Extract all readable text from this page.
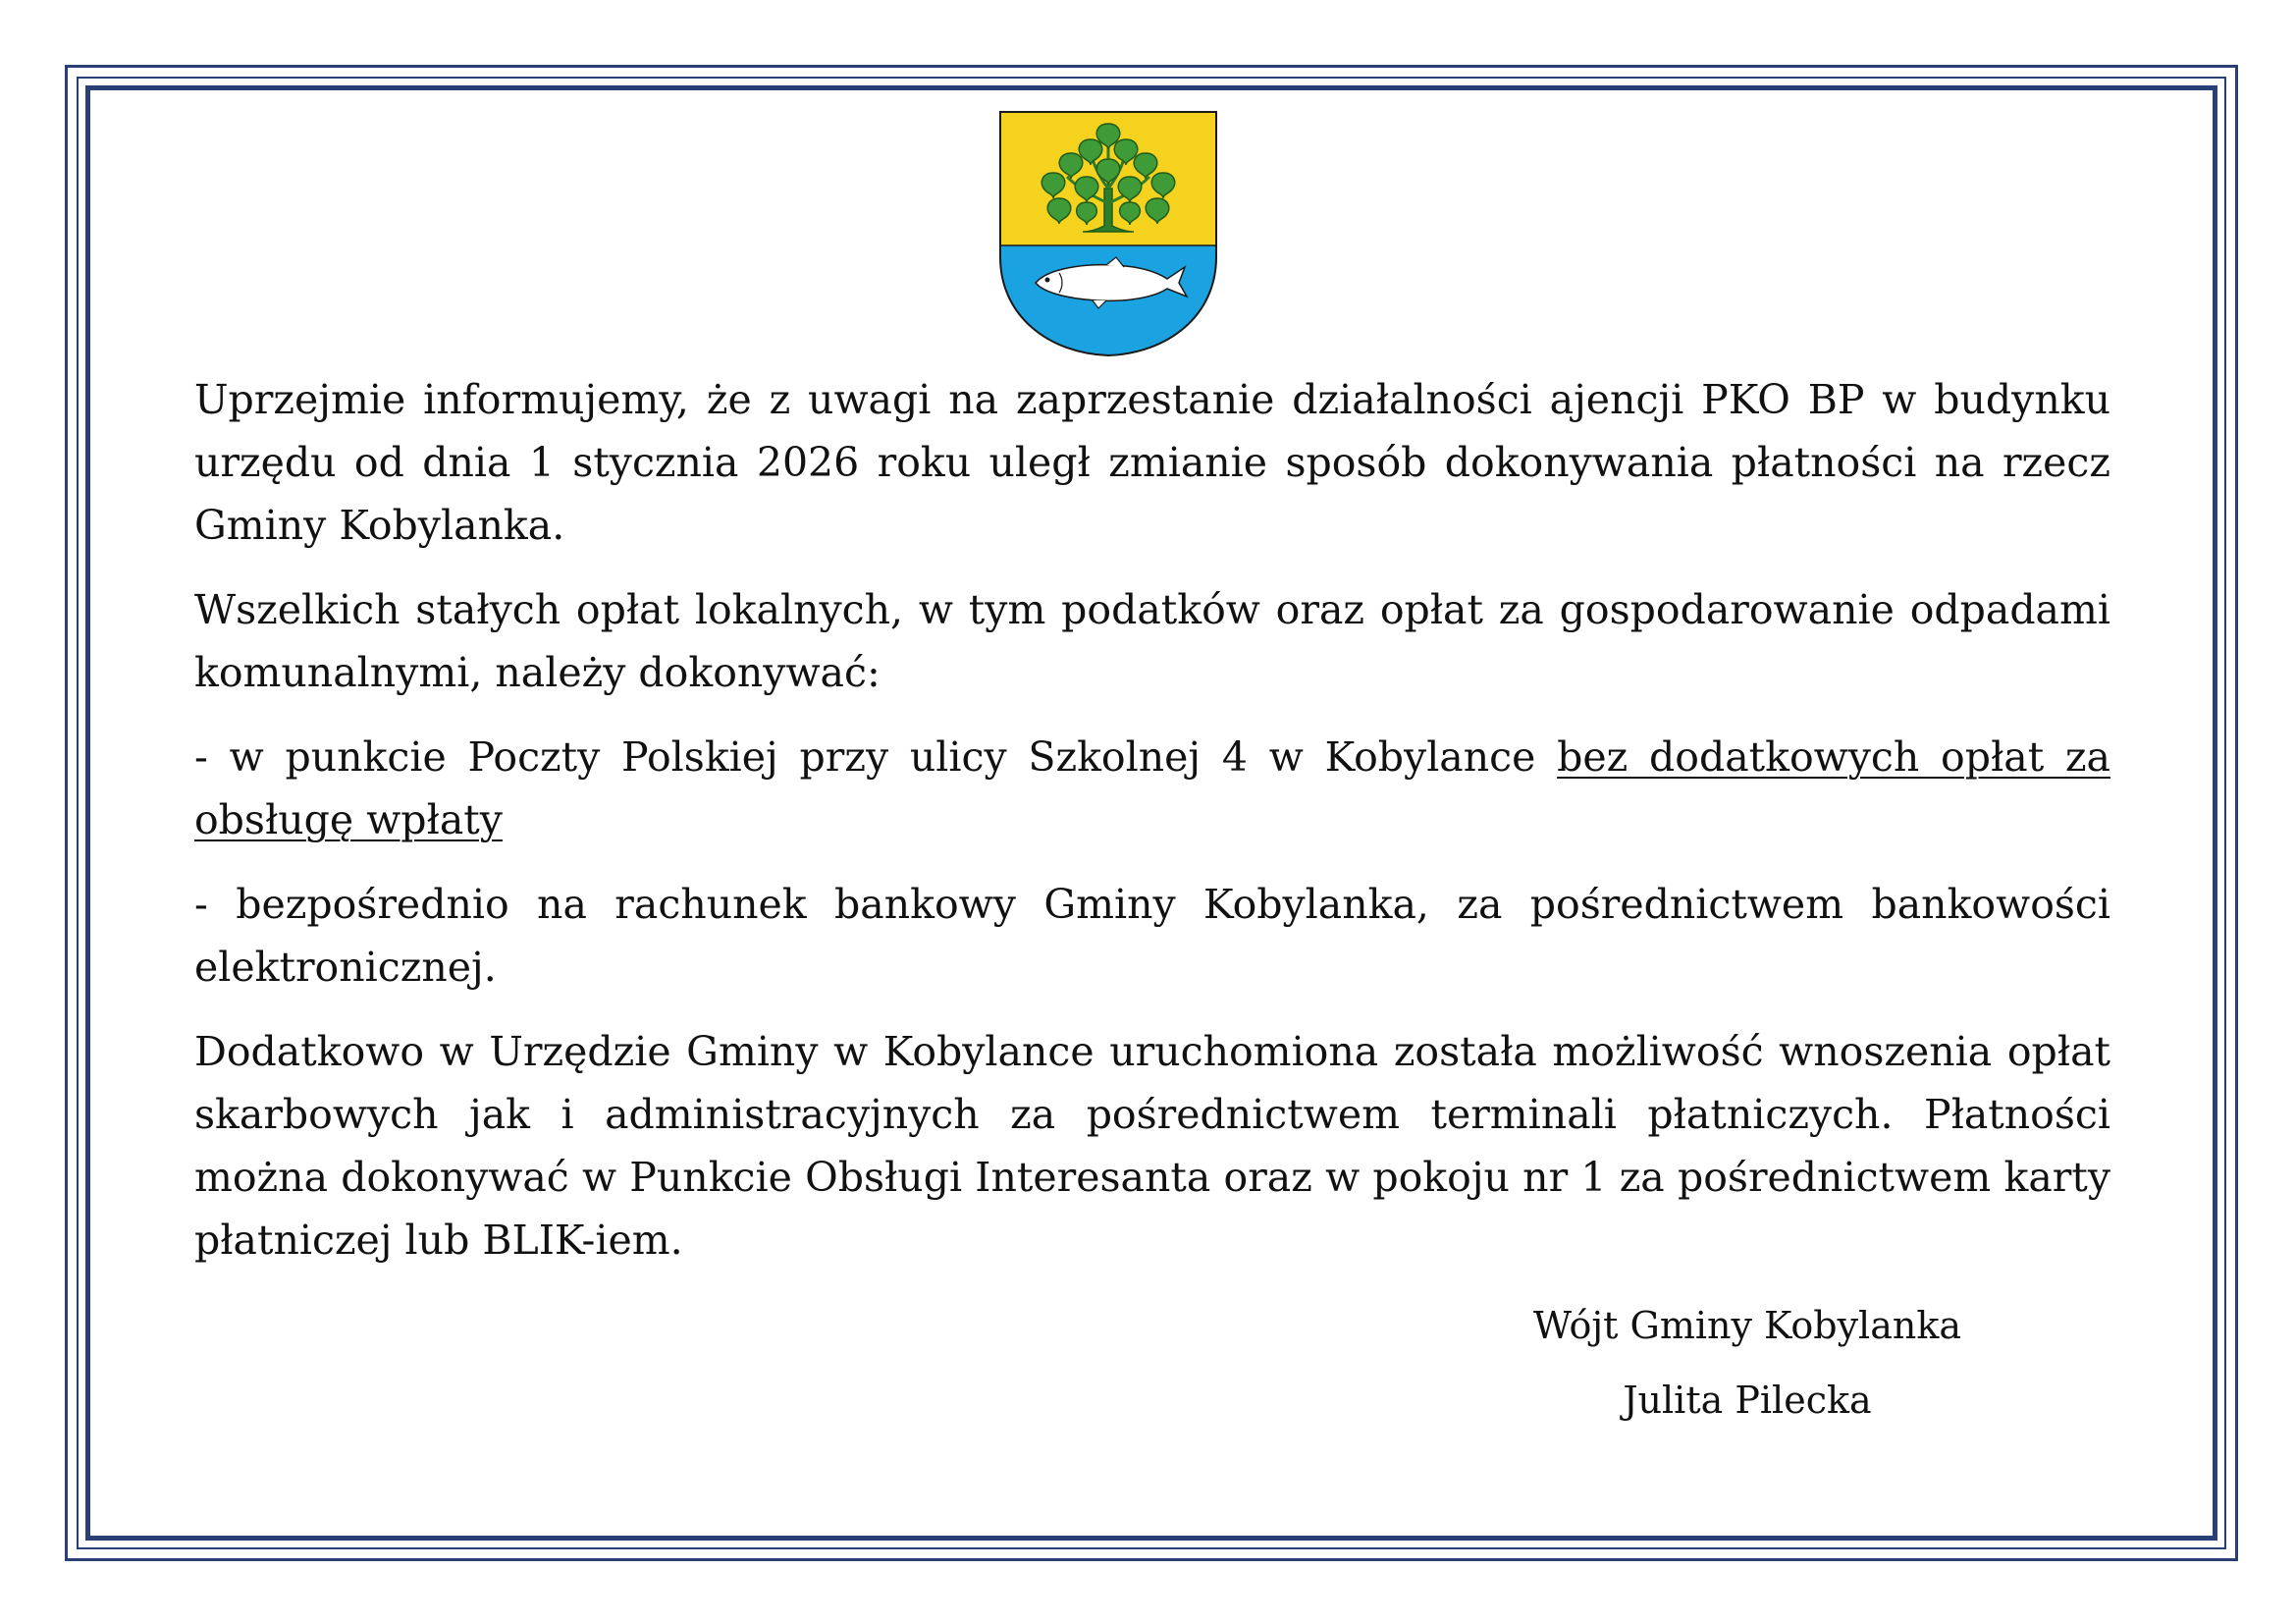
Uprzejmie informujemy, że z uwagi na zaprzestanie działalności ajencji PKO BP w budynku urzędu od dnia 1 stycznia 2026 roku uległ zmianie sposób dokonywania płatności na rzecz Gminy Kobylanka.

Wszelkich stałych opłat lokalnych, w tym podatków oraz opłat za gospodarowanie odpadami komunalnymi, należy dokonywać:

- w punkcie Poczty Polskiej przy ulicy Szkolnej 4 w Kobylance bez dodatkowych opłat za obsługę wpłaty

- bezpośrednio na rachunek bankowy Gminy Kobylanka, za pośrednictwem bankowości elektronicznej.

Dodatkowo w Urzędzie Gminy w Kobylance uruchomiona została możliwość wnoszenia opłat skarbowych jak i administracyjnych za pośrednictwem terminali płatniczych. Płatności można dokonywać w Punkcie Obsługi Interesanta oraz w pokoju nr 1 za pośrednictwem karty płatniczej lub BLIK-iem.

Wójt Gminy Kobylanka
Julita Pilecka
